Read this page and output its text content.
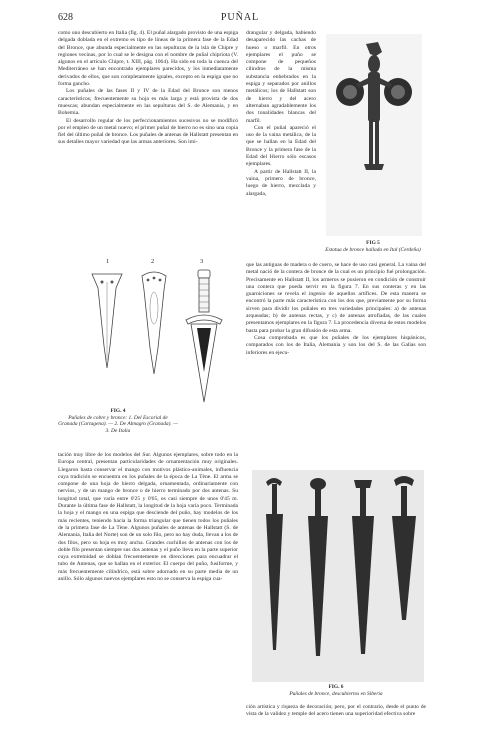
628	PUÑAL

como uno descubierto en Italia (fig. 4). El puñal alargado provisto de una espiga delgada doblada en el extremo es tipo de líneas de la primera fase de la Edad del Bronce, que abunda especialmente en las sepulturas de la isla de Chipre y regiones vecinas, por lo cual se le designa con el nombre de puñal chipriota (V. algunos en el artículo Chipre, t. XIII, pág. 1064). Ha sido en toda la cuenca del Mediterráneo se han encontrado ejemplares parecidos, y los inmediatamente derivados de ellos, que son completamente iguales, excepto en la espiga que no forma gancho.

Los puñales de las fases II y IV de la Edad del Bronce son menos característicos; frecuentemente su hoja es más larga y está provista de dos muescas; abundan especialmente en las sepulturas del S. de Alemania, y en Bohemia.

El desarrollo regular de los perfeccionamientos sucesivos no se modificó por el empleo de un metal nuevo; el primer puñal de hierro no es sino una copia fiel del último puñal de bronce. Los puñales de antenas de Hallstatt presentan en sus detalles mayor variedad que las armas anteriores. Son imi-

1	2	3
FIG. 4
Puñales de cobre y bronce: 1. Del Escorial de Granada (Cartagena). — 2. De Almagro (Granada). — 3. De Italia

tación muy libre de los modelos del Sur. Algunos ejemplares, sobre todo en la Europa central, presentan particularidades de ornamentación muy originales. Llegaron hasta conservar el mango con motivos plástico-animales, influencia cuya tradición se encuentra en los puñales de la época de La Tène. El arma se compone de una hoja de hierro delgada, ornamentada, ordinariamente con nervios, y de un mango de bronce o de hierro terminado por dos antenas. Su longitud total, que varía entre 0'25 y 0'65, es casi siempre de unos 0'45 m. Durante la última fase de Hallstatt, la longitud de la hoja varía poco. Terminada la hoja y el mango en una espiga que desciende del puño, hay modelos de los más recientes, teniendo hacia la forma triangular que tienen todos los puñales de la primera fase de La Tène. Algunos puñales de antenas de Hallstatt (S. de Alemania, Italia del Norte) son de un solo filo, pero no hay duda, llevan a los de dos filos, pero su hoja es muy ancha. Grandes cuchillos de antenas con los de doble filo presentan siempre sus dos antenas y el puño lleva en la parte superior cuya extremidad se doblan frecuentemente en direcciones para encuadrar el tubo de Antenas, que se hallan en el exterior. El cuerpo del puño, fusiforme, y más frecuentemente cilíndrico, está sobre adornado en su parte media de un anillo. Sólo algunos nuevos ejemplares esto no se conserva la espiga cua-

drangular y delgada, habiendo desaparecido las cachas de hueso o marfil. En otros ejemplares el puño se compone de pequeños cilindros de la misma substancia enhebrados en la espiga y separados por anillos metálicos; los de Hallstatt son de hierro y del acero alternaban agradablemente los dos tonalidades blancas del marfil.

Con el puñal apareció el uso de la vaina metálica, de la que se hallan en la Edad del Bronce y la primera fase de la Edad del Hierro sólo escasos ejemplares.

A partir de Hallstatt II, la vaina, primero de bronce, luego de hierro, mezclada y alargada,

FIG 5
Estatua de bronce hallada en Ital (Cerdeña)

que las antiguas de madera o de cuero, se hace de uso casi general. La vaina del metal nació de la contera de bronce de la cual es un principio fué prolongación. Precisamente en Hallstatt II, los armeros se pusieron en condición de construir una contera que pueda servir en la figura 7. En sus conteras y en las guarniciones se revela el ingenio de aquellos artífices. De esta manera se encontró la parte más característica con los dos que, previamente por su forma sirven para dividir los puñales en tres variedades principales: a) de antenas arqueadas; b) de antenas rectas, y c) de antenas atrofiadas, de las cuales presentamos ejemplares en la figura 7. La procedencia diversa de estos modelos basta para probar la gran difusión de esta arma.

Cosa comprobada es que los puñales de los ejemplares hispánicos, comparados con los de Italia, Alemania y son los del S. de las Galias son inferiores en ejecu-

FIG. 6
Puñales de bronce, descubiertos en Siberia

ción artística y riqueza de decoración; pero, por el contrario, desde el punto de vista de la validez y temple del acero tienen una superioridad efectiva sobre
